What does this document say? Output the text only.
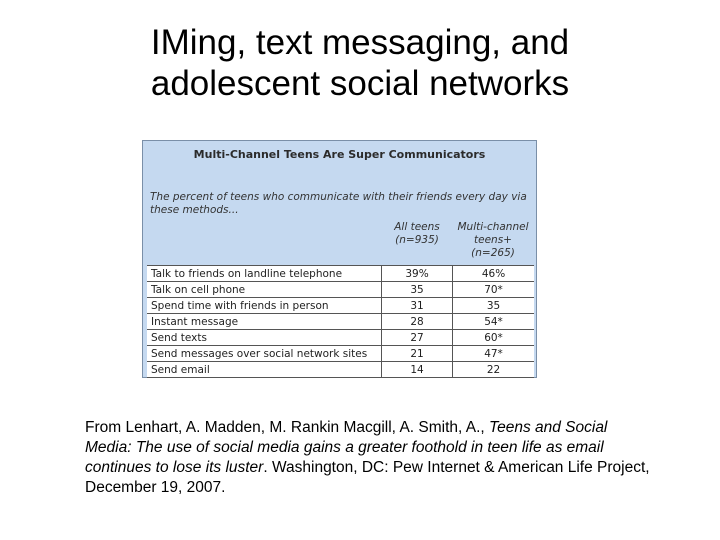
IMing, text messaging, and
adolescent social networks
Multi-Channel Teens Are Super Communicators
The percent of teens who communicate with their friends every day via these methods...
All teens
(n=935)
Multi-channel
teens+
(n=265)
Talk to friends on landline telephone	39%	46%
Talk on cell phone	35	70*
Spend time with friends in person	31	35
Instant message	28	54*
Send texts	27	60*
Send messages over social network sites	21	47*
Send email	14	22
From Lenhart, A. Madden, M. Rankin Macgill, A. Smith, A., Teens and Social Media: The use of social media gains a greater foothold in teen life as email continues to lose its luster. Washington, DC: Pew Internet & American Life Project, December 19, 2007.
